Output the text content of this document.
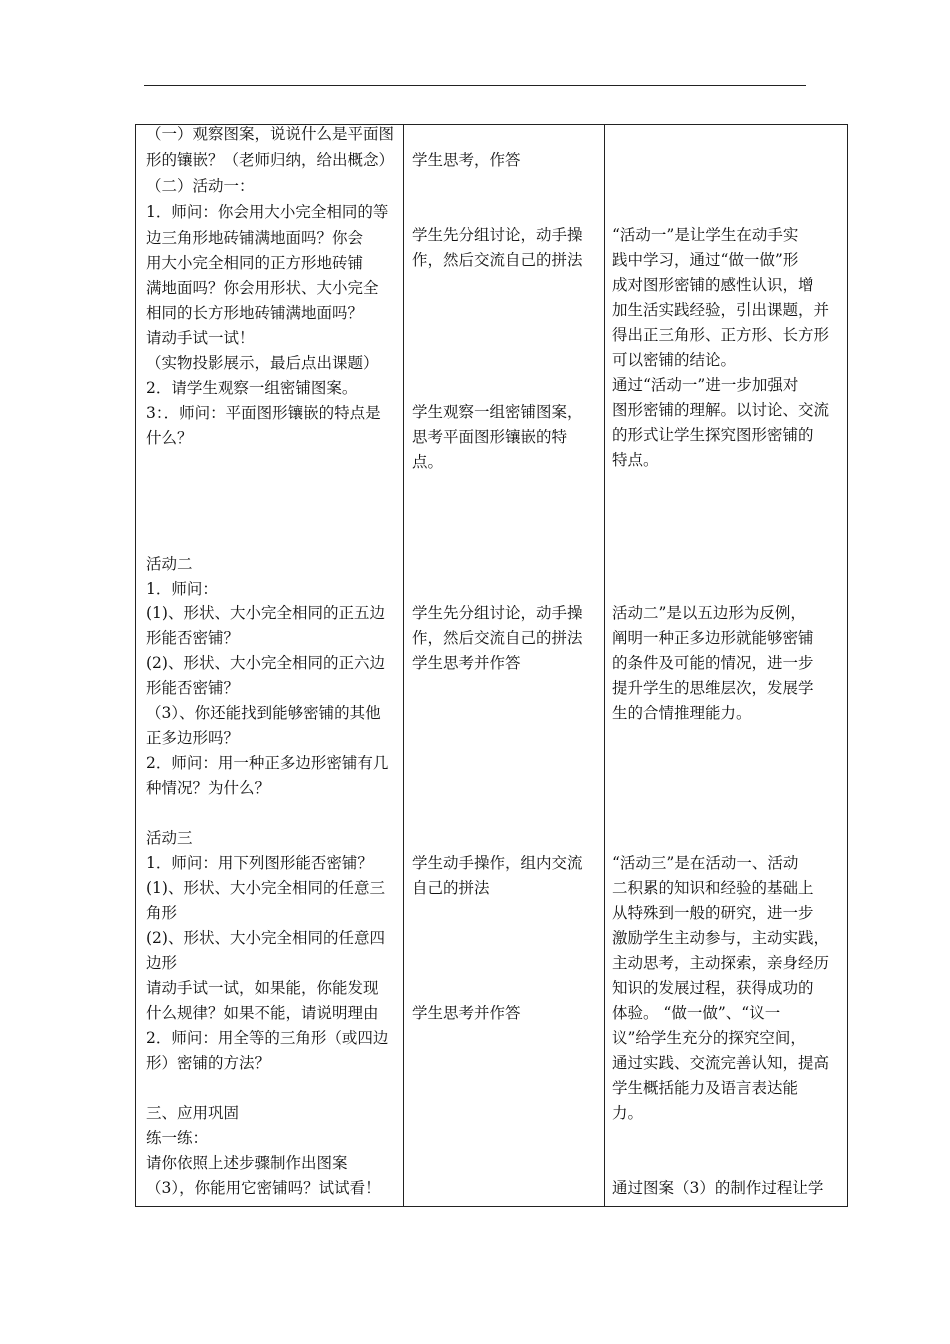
（一）观察图案，说说什么是平面图
形的镶嵌？（老师归纳，给出概念）
（二）活动一：
1．师问：你会用大小完全相同的等
边三角形地砖铺满地面吗？你会
用大小完全相同的正方形地砖铺
满地面吗？你会用形状、大小完全
相同的长方形地砖铺满地面吗？
请动手试一试！
（实物投影展示，最后点出课题）
2．请学生观察一组密铺图案。
3：．师问：平面图形镶嵌的特点是
什么？
活动二
1．师问：
(1)、形状、大小完全相同的正五边
形能否密铺？
(2)、形状、大小完全相同的正六边
形能否密铺？
（3）、你还能找到能够密铺的其他
正多边形吗？
2．师问：用一种正多边形密铺有几
种情况？为什么？
活动三
1．师问：用下列图形能否密铺？
(1)、形状、大小完全相同的任意三
角形
(2)、形状、大小完全相同的任意四
边形
请动手试一试，如果能，你能发现
什么规律？如果不能，请说明理由
2．师问：用全等的三角形（或四边
形）密铺的方法？
三、应用巩固
练一练：
请你依照上述步骤制作出图案
（3），你能用它密铺吗？试试看！
学生思考，作答
学生先分组讨论，动手操
作，然后交流自己的拼法
学生观察一组密铺图案，
思考平面图形镶嵌的特
点。
学生先分组讨论，动手操
作，然后交流自己的拼法
学生思考并作答
学生动手操作，组内交流
自己的拼法
学生思考并作答
“活动一”是让学生在动手实
践中学习，通过“做一做”形
成对图形密铺的感性认识，增
加生活实践经验，引出课题，并
得出正三角形、正方形、长方形
可以密铺的结论。
通过“活动一”进一步加强对
图形密铺的理解。以讨论、交流
的形式让学生探究图形密铺的
特点。
活动二”是以五边形为反例，
阐明一种正多边形就能够密铺
的条件及可能的情况，进一步
提升学生的思维层次，发展学
生的合情推理能力。
“活动三”是在活动一、活动
二积累的知识和经验的基础上
从特殊到一般的研究，进一步
激励学生主动参与，主动实践，
主动思考，主动探索，亲身经历
知识的发展过程，获得成功的
体验。 “做一做”、“议一
议”给学生充分的探究空间，
通过实践、交流完善认知，提高
学生概括能力及语言表达能
力。
通过图案（3）的制作过程让学
